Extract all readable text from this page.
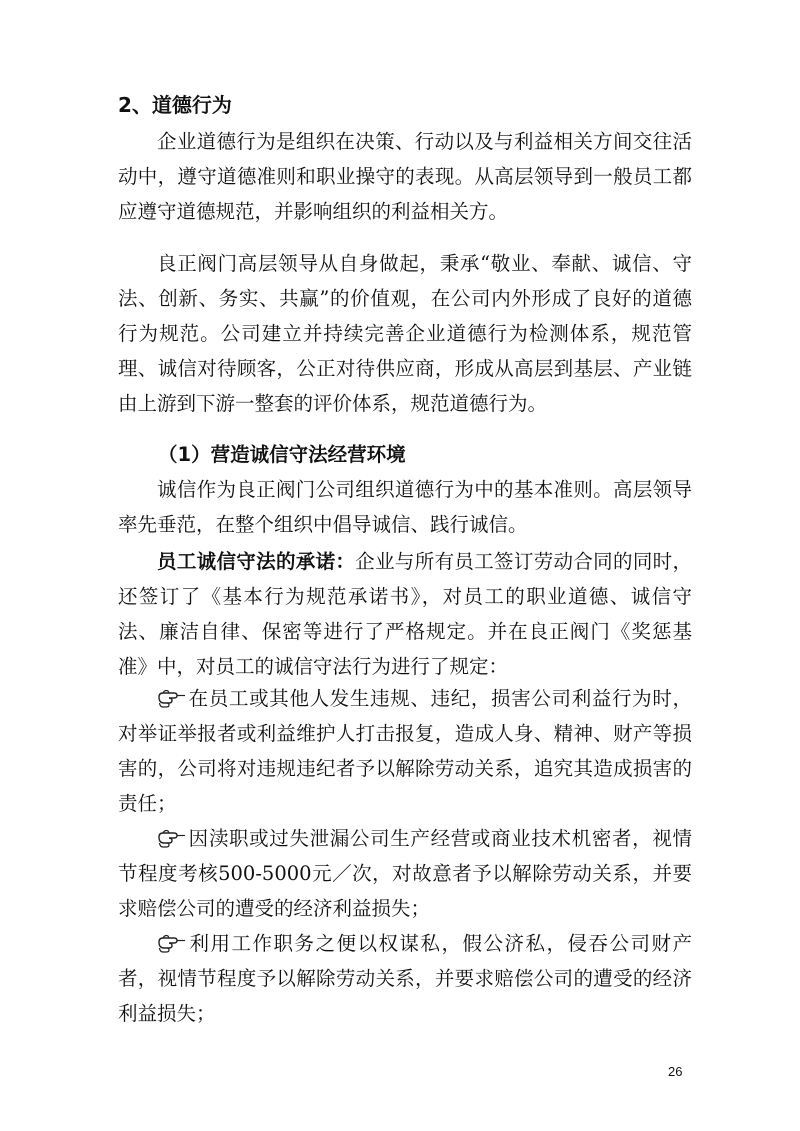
2、道德行为
企业道德行为是组织在决策、行动以及与利益相关方间交往活动中，遵守道德准则和职业操守的表现。从高层领导到一般员工都应遵守道德规范，并影响组织的利益相关方。
良正阀门高层领导从自身做起，秉承“敬业、奉献、诚信、守法、创新、务实、共赢”的价值观，在公司内外形成了良好的道德行为规范。公司建立并持续完善企业道德行为检测体系，规范管理、诚信对待顾客，公正对待供应商，形成从高层到基层、产业链由上游到下游一整套的评价体系，规范道德行为。
（1）营造诚信守法经营环境
诚信作为良正阀门公司组织道德行为中的基本准则。高层领导率先垂范，在整个组织中倡导诚信、践行诚信。
员工诚信守法的承诺：企业与所有员工签订劳动合同的同时，还签订了《基本行为规范承诺书》，对员工的职业道德、诚信守法、廉洁自律、保密等进行了严格规定。并在良正阀门《奖惩基准》中，对员工的诚信守法行为进行了规定：
在员工或其他人发生违规、违纪，损害公司利益行为时，对举证举报者或利益维护人打击报复，造成人身、精神、财产等损害的，公司将对违规违纪者予以解除劳动关系，追究其造成损害的责任；
因渎职或过失泄漏公司生产经营或商业技术机密者，视情节程度考核500-5000元／次，对故意者予以解除劳动关系，并要求赔偿公司的遭受的经济利益损失；
利用工作职务之便以权谋私，假公济私，侵吞公司财产者，视情节程度予以解除劳动关系，并要求赔偿公司的遭受的经济利益损失；
26
